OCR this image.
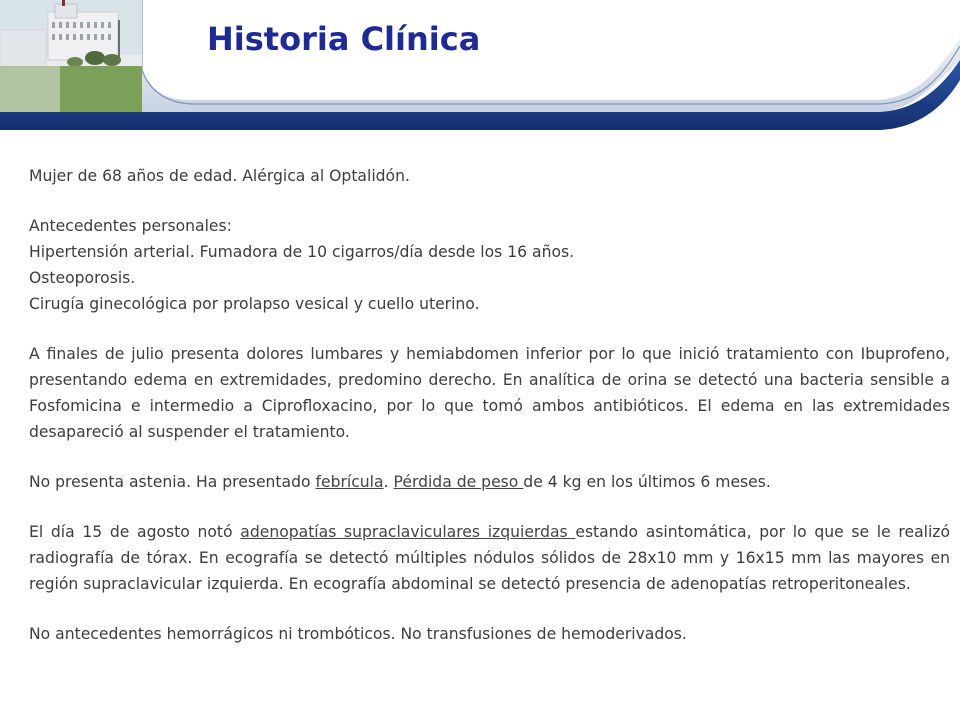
Historia Clínica

Mujer de 68 años de edad. Alérgica al Optalidón.

Antecedentes personales:

Hipertensión arterial. Fumadora de 10 cigarros/día desde los 16 años.

Osteoporosis.

Cirugía ginecológica por prolapso vesical y cuello uterino.

A finales de julio presenta dolores lumbares y hemiabdomen inferior por lo que inició tratamiento con Ibuprofeno, presentando edema en extremidades, predomino derecho. En analítica de orina se detectó una bacteria sensible a Fosfomicina e intermedio a Ciprofloxacino, por lo que tomó ambos antibióticos. El edema en las extremidades desapareció al suspender el tratamiento.

No presenta astenia. Ha presentado febrícula. Pérdida de peso de 4 kg en los últimos 6 meses.

El día 15 de agosto notó adenopatías supraclaviculares izquierdas estando asintomática, por lo que se le realizó radiografía de tórax. En ecografía se detectó múltiples nódulos sólidos de 28x10 mm y 16x15 mm las mayores en región supraclavicular izquierda. En ecografía abdominal se detectó presencia de adenopatías retroperitoneales.

No antecedentes hemorrágicos ni trombóticos. No transfusiones de hemoderivados.
